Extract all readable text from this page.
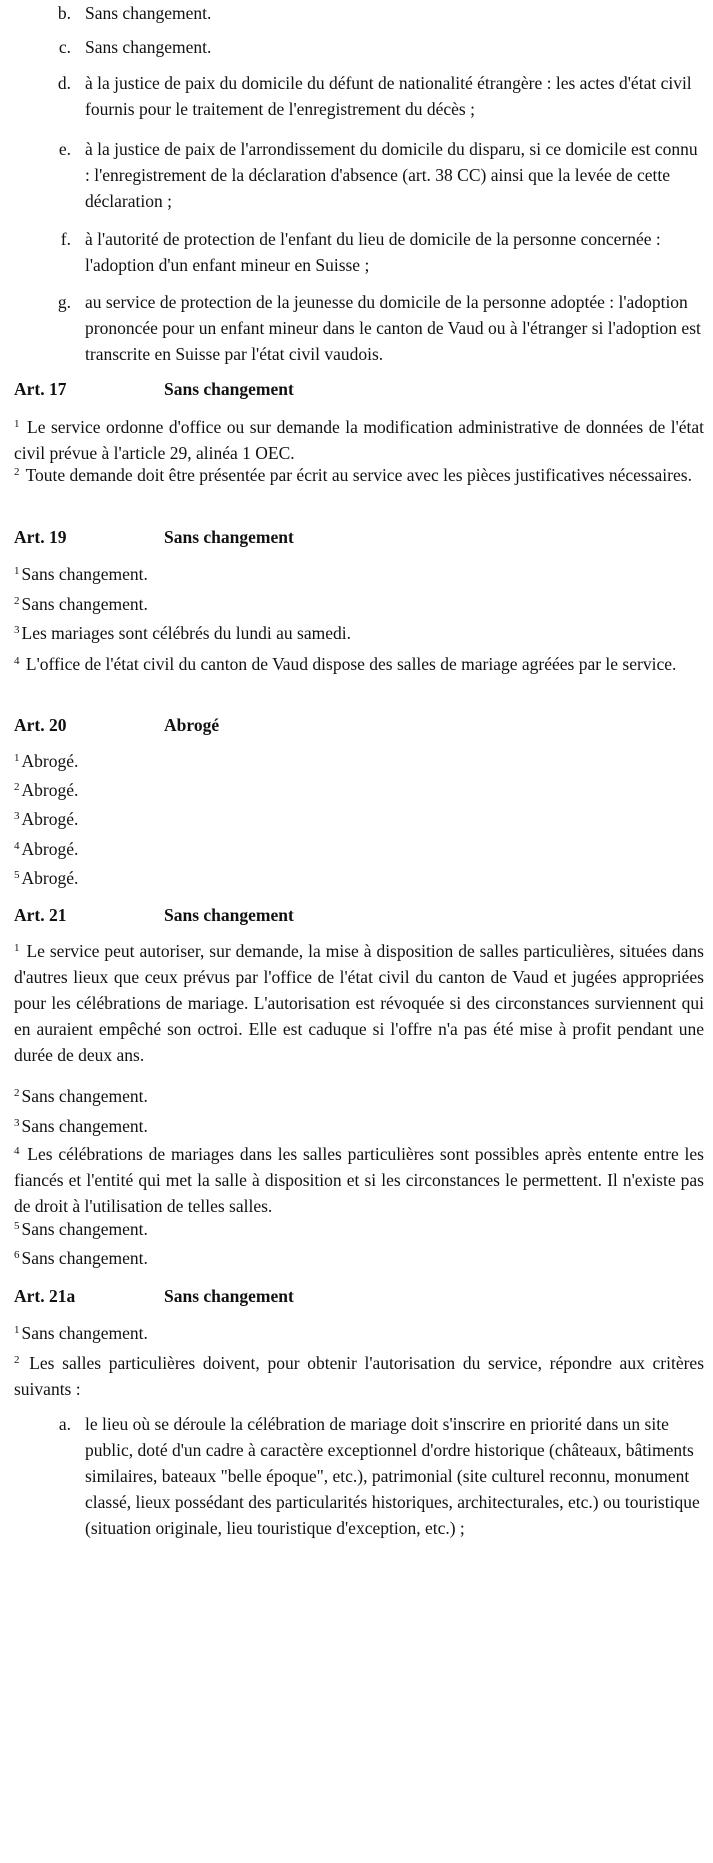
b. Sans changement.
c. Sans changement.
d. à la justice de paix du domicile du défunt de nationalité étrangère : les actes d'état civil fournis pour le traitement de l'enregistrement du décès ;
e. à la justice de paix de l'arrondissement du domicile du disparu, si ce domicile est connu : l'enregistrement de la déclaration d'absence (art. 38 CC) ainsi que la levée de cette déclaration ;
f. à l'autorité de protection de l'enfant du lieu de domicile de la personne concernée : l'adoption d'un enfant mineur en Suisse ;
g. au service de protection de la jeunesse du domicile de la personne adoptée : l'adoption prononcée pour un enfant mineur dans le canton de Vaud ou à l'étranger si l'adoption est transcrite en Suisse par l'état civil vaudois.
Art. 17	Sans changement

$^1$ Le service ordonne d'office ou sur demande la modification administrative de données de l'état civil prévue à l'article 29, alinéa 1 OEC.

$^2$ Toute demande doit être présentée par écrit au service avec les pièces justificatives nécessaires.

Art. 19	Sans changement

$^1$ Sans changement.

$^2$ Sans changement.

$^3$ Les mariages sont célébrés du lundi au samedi.

$^4$ L'office de l'état civil du canton de Vaud dispose des salles de mariage agréées par le service.

Art. 20	Abrogé

$^1$ Abrogé.

$^2$ Abrogé.

$^3$ Abrogé.

$^4$ Abrogé.

$^5$ Abrogé.

Art. 21	Sans changement

$^1$ Le service peut autoriser, sur demande, la mise à disposition de salles particulières, situées dans d'autres lieux que ceux prévus par l'office de l'état civil du canton de Vaud et jugées appropriées pour les célébrations de mariage. L'autorisation est révoquée si des circonstances surviennent qui en auraient empêché son octroi. Elle est caduque si l'offre n'a pas été mise à profit pendant une durée de deux ans.

$^2$ Sans changement.

$^3$ Sans changement.

$^4$ Les célébrations de mariages dans les salles particulières sont possibles après entente entre les fiancés et l'entité qui met la salle à disposition et si les circonstances le permettent. Il n'existe pas de droit à l'utilisation de telles salles.

$^5$ Sans changement.

$^6$ Sans changement.

Art. 21a	Sans changement

$^1$ Sans changement.

$^2$ Les salles particulières doivent, pour obtenir l'autorisation du service, répondre aux critères suivants :

a. le lieu où se déroule la célébration de mariage doit s'inscrire en priorité dans un site public, doté d'un cadre à caractère exceptionnel d'ordre historique (châteaux, bâtiments similaires, bateaux "belle époque", etc.), patrimonial (site culturel reconnu, monument classé, lieux possédant des particularités historiques, architecturales, etc.) ou touristique (situation originale, lieu touristique d'exception, etc.) ;
